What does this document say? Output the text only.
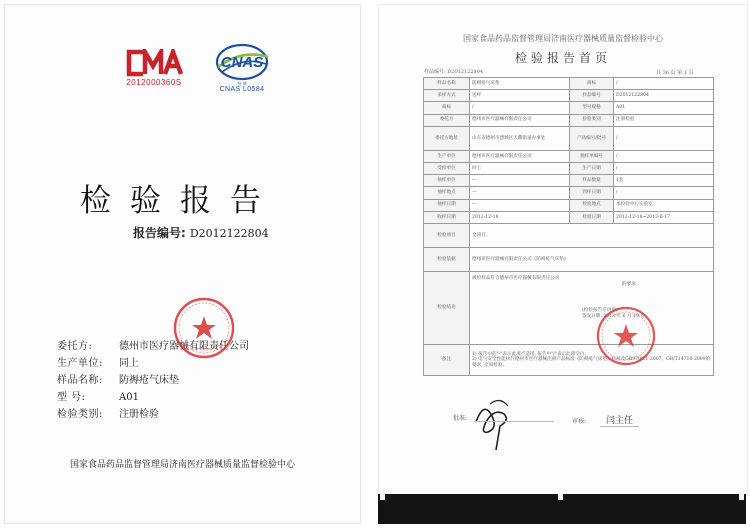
2012000360S
CNAS
校 测
CNAS L0584
检验报告
报告编号: D2012122804
委托方:	德州市医疗器械有限责任公司
生产单位: 同上
样品名称: 防褥疮气床垫
型 号:	A01
检验类别: 注册检验
国家食品药品监督管理局济南医疗器械质量监督检验中心
国家食品药品监督管理局济南医疗器械质量监督检验中心
检验报告首页
样品编号: D2012122804	共 36 页 第 1 页
样品名称	防褥疮气床垫	商标	/
采样方式	送样	样品编号	D2012122804
商标	/	型号规格	A01
委托方	德州市医疗器械有限责任公司	检验类别	注册检验
委托方地址	山东省德州市德城区天衢街道办事处	产品编号/批号	/
生产单位	德州市医疗器械有限责任公司	抽样单编号	/
受检单位	同上	生产日期	/
抽样单位	—	样品数量	1套
抽样地点	—	到样日期	/
抽样日期	—	检验地点	本检验中心实验室
收样日期	2012-12-18	检验日期	2012-12-18~2013-6-17
检验项目	全项目。		
检验依据	德州市医疗器械有限责任公司《防褥疮气床垫》		
检验结论	被检样品符合德州市医疗器械有限责任公司
的要求。
(检验报告专用章)
签发日期: 2013 年 6 月 19 日		

备注	1) 报告中的"-"表示此项不适用, 报告中"/"表示此项空白。
2) 电气安全性能执行德州市医疗器械注册产品标准《防褥疮气床垫》标准及GB9706.1-2007、GB/T14710-2009的要求, 全项检验。		
批准:	审核: 闫主任
